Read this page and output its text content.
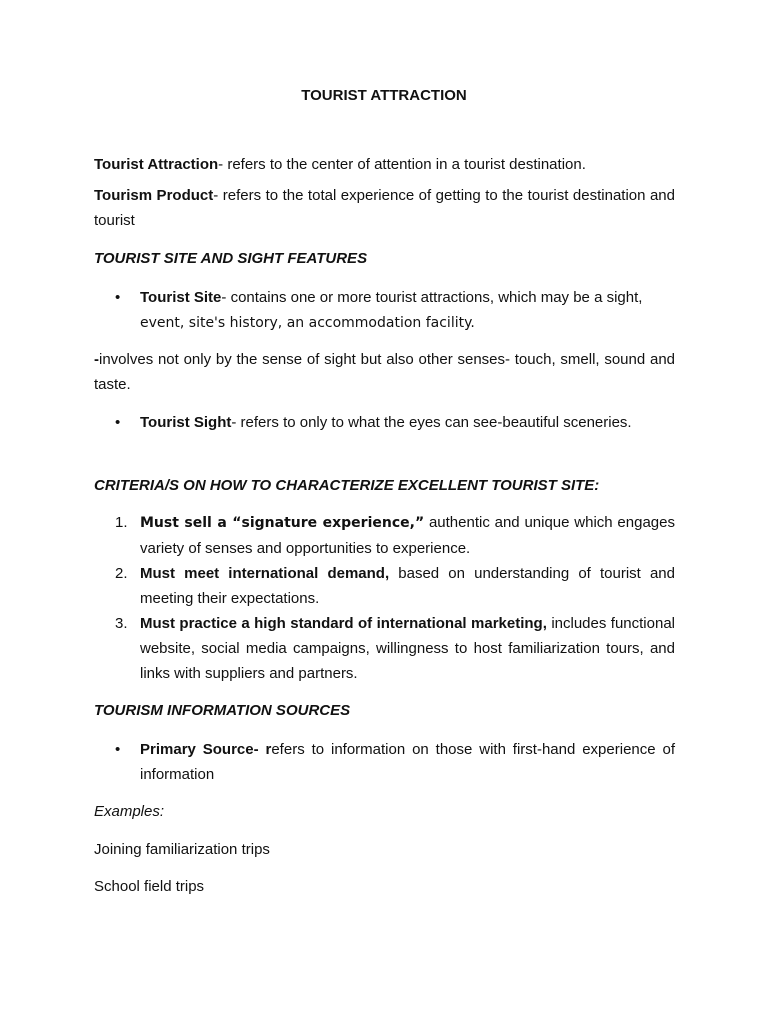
TOURIST ATTRACTION

Tourist Attraction- refers to the center of attention in a tourist destination.

Tourism Product- refers to the total experience of getting to the tourist destination and tourist

TOURIST SITE AND SIGHT FEATURES

•	Tourist Site- contains one or more tourist attractions, which may be a sight,
event, site's history, an accommodation facility.

-involves not only by the sense of sight but also other senses- touch, smell, sound and taste.

•	Tourist Sight- refers to only to what the eyes can see-beautiful sceneries.

CRITERIA/S ON HOW TO CHARACTERIZE EXCELLENT TOURIST SITE:

1. Must sell a “signature experience,” authentic and unique which engages variety of senses and opportunities to experience.
2. Must meet international demand, based on understanding of tourist and meeting their expectations.
3. Must practice a high standard of international marketing, includes functional website, social media campaigns, willingness to host familiarization tours, and links with suppliers and partners.

TOURISM INFORMATION SOURCES

•	Primary Source- refers to information on those with first-hand experience of information

Examples:

Joining familiarization trips

School field trips
